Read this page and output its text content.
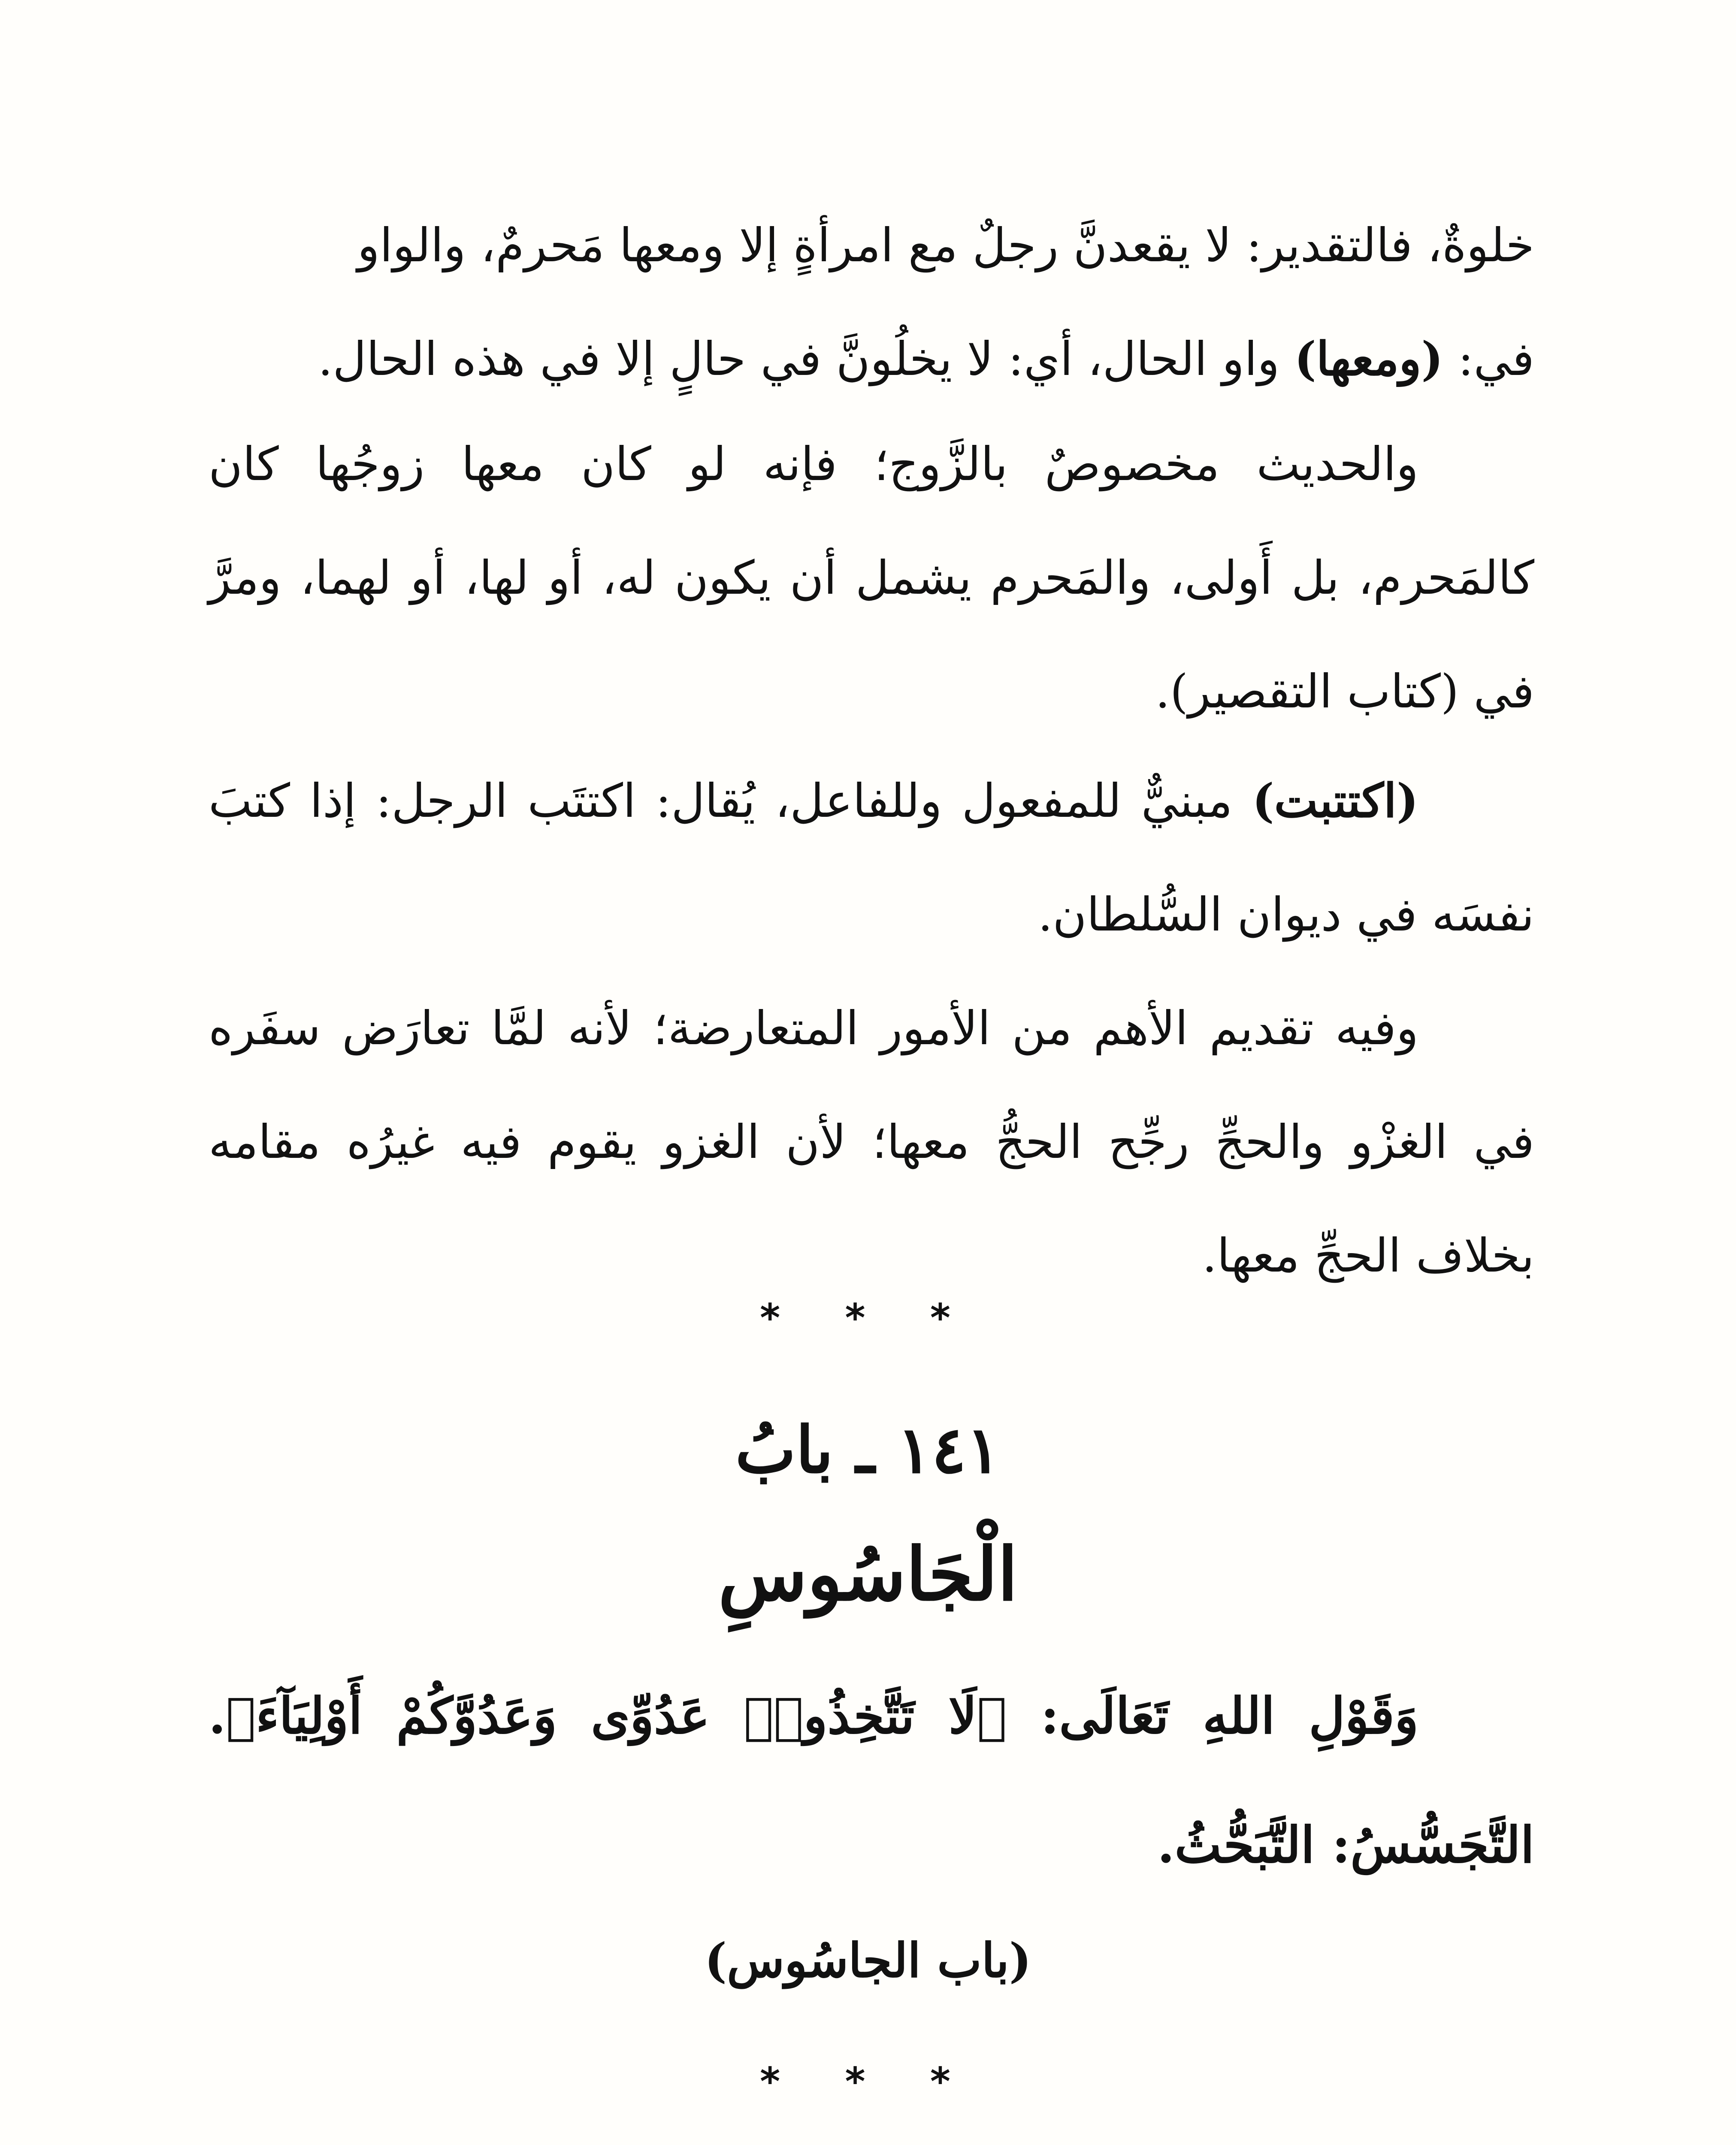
خلوةٌ، فالتقدير: لا يقعدنَّ رجلٌ مع امرأةٍ إلا ومعها مَحرمٌ، والواو

في: (ومعها) واو الحال، أي: لا يخلُونَّ في حالٍ إلا في هذه الحال.

والحديث مخصوصٌ بالزَّوج؛ فإنه لو كان معها زوجُها كان كالمَحرم، بل أَولى، والمَحرم يشمل أن يكون له، أو لها، أو لهما، ومرَّ في (كتاب التقصير).

(اكتتبت) مبنيٌّ للمفعول وللفاعل، يُقال: اكتتَب الرجل: إذا كتبَ نفسَه في ديوان السُّلطان.

وفيه تقديم الأهم من الأمور المتعارضة؛ لأنه لمَّا تعارَض سفَره في الغزْو والحجِّ رجِّح الحجُّ معها؛ لأن الغزو يقوم فيه غيرُه مقامه بخلاف الحجِّ معها.

* * *
١٤١ ـ بابُ
الْجَاسُوسِ

وَقَوْلِ اللهِ تَعَالَى: ﴿لَا تَتَّخِذُوا۟ عَدُوِّى وَعَدُوَّكُمْ أَوْلِيَآءَ﴾. التَّجَسُّسُ: التَّبَحُّثُ.

(باب الجاسُوس)
* * *
